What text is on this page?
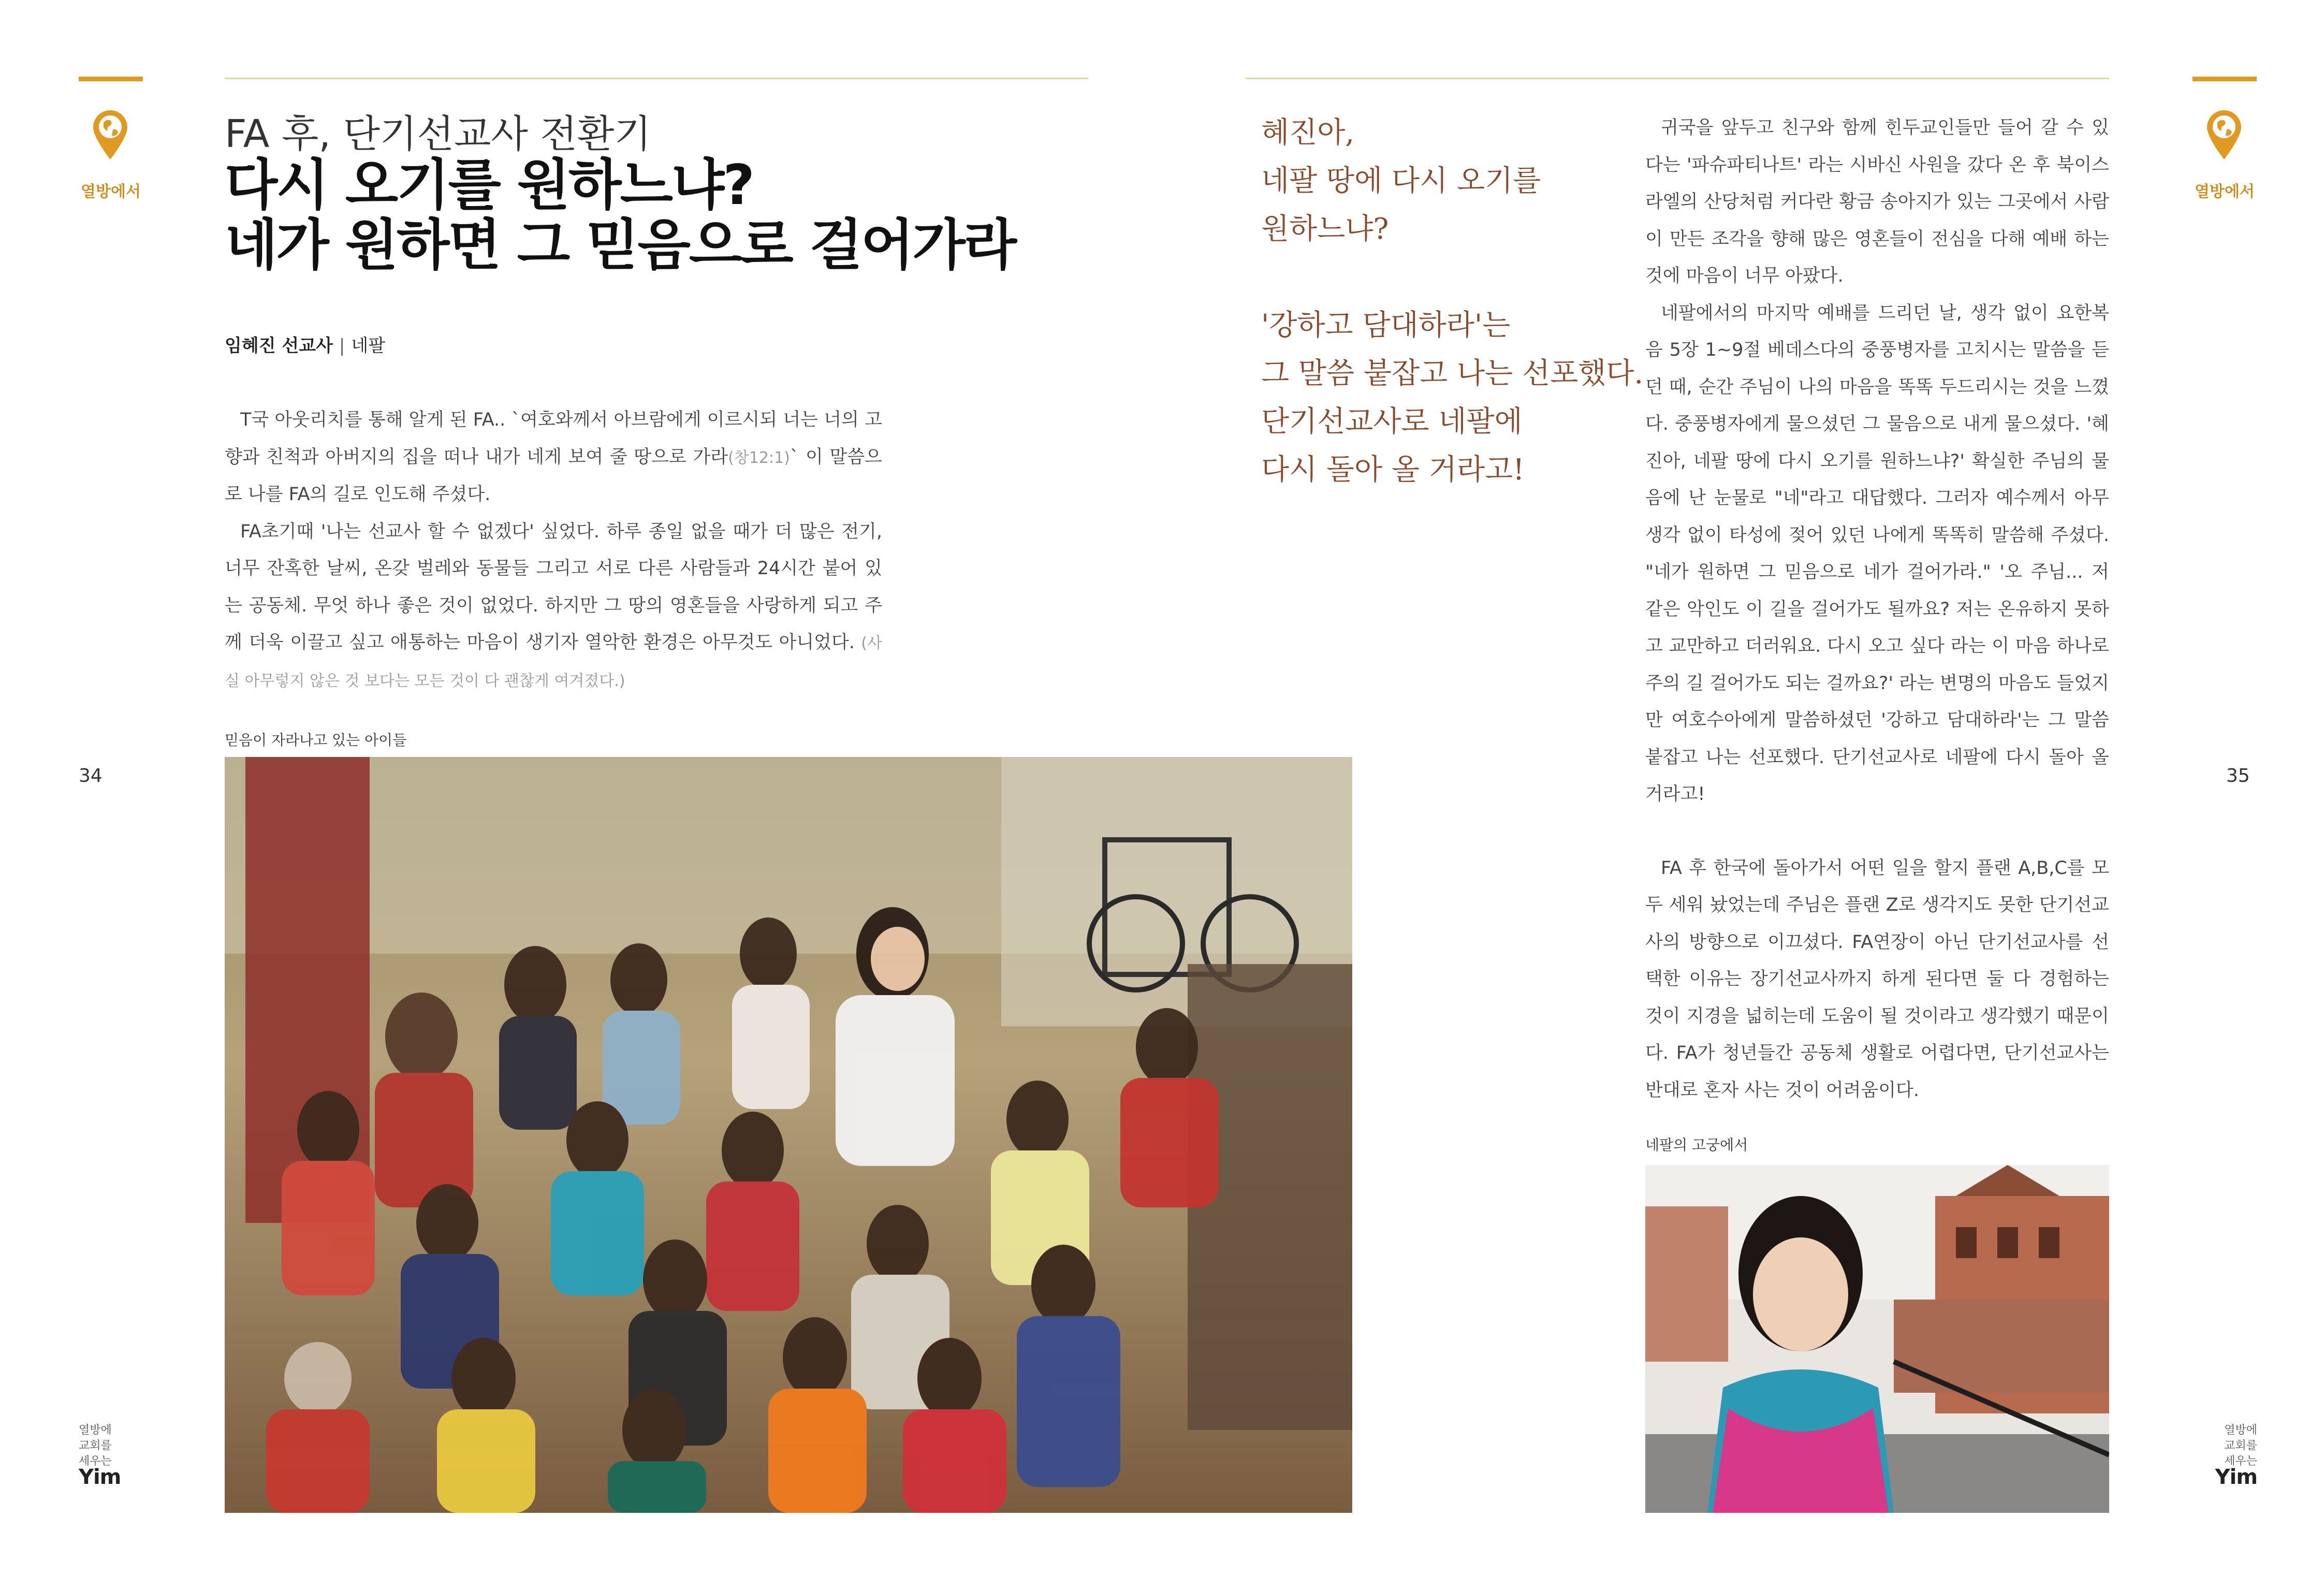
열방에서	열방에서
34	35
열방에
교회를
세우는
Yim
열방에
교회를
세우는
Yim
FA 후, 단기선교사 전환기
다시 오기를 원하느냐?
네가 원하면 그 믿음으로 걸어가라
임혜진 선교사 | 네팔

T국 아웃리치를 통해 알게 된 FA.. `여호와께서 아브람에게 이르시되 너는 너의 고향과 친척과 아버지의 집을 떠나 내가 네게 보여 줄 땅으로 가라(창12:1)` 이 말씀으로 나를 FA의 길로 인도해 주셨다.

FA초기때 '나는 선교사 할 수 없겠다' 싶었다. 하루 종일 없을 때가 더 많은 전기, 너무 잔혹한 날씨, 온갖 벌레와 동물들 그리고 서로 다른 사람들과 24시간 붙어 있는 공동체. 무엇 하나 좋은 것이 없었다. 하지만 그 땅의 영혼들을 사랑하게 되고 주께 더욱 이끌고 싶고 애통하는 마음이 생기자 열악한 환경은 아무것도 아니었다. (사실 아무렇지 않은 것 보다는 모든 것이 다 괜찮게 여겨졌다.)

믿음이 자라나고 있는 아이들
혜진아,
네팔 땅에 다시 오기를
원하느냐?
'강하고 담대하라'는
그 말씀 붙잡고 나는 선포했다.
단기선교사로 네팔에
다시 돌아 올 거라고!

귀국을 앞두고 친구와 함께 힌두교인들만 들어 갈 수 있다는 '파슈파티나트' 라는 시바신 사원을 갔다 온 후 북이스라엘의 산당처럼 커다란 황금 송아지가 있는 그곳에서 사람이 만든 조각을 향해 많은 영혼들이 전심을 다해 예배 하는 것에 마음이 너무 아팠다.

네팔에서의 마지막 예배를 드리던 날, 생각 없이 요한복음 5장 1~9절 베데스다의 중풍병자를 고치시는 말씀을 듣던 때, 순간 주님이 나의 마음을 똑똑 두드리시는 것을 느꼈다. 중풍병자에게 물으셨던 그 물음으로 내게 물으셨다. '혜진아, 네팔 땅에 다시 오기를 원하느냐?' 확실한 주님의 물음에 난 눈물로 "네"라고 대답했다. 그러자 예수께서 아무 생각 없이 타성에 젖어 있던 나에게 똑똑히 말씀해 주셨다. "네가 원하면 그 믿음으로 네가 걸어가라." '오 주님... 저 같은 악인도 이 길을 걸어가도 될까요? 저는 온유하지 못하고 교만하고 더러워요. 다시 오고 싶다 라는 이 마음 하나로 주의 길 걸어가도 되는 걸까요?' 라는 변명의 마음도 들었지만 여호수아에게 말씀하셨던 '강하고 담대하라'는 그 말씀 붙잡고 나는 선포했다. 단기선교사로 네팔에 다시 돌아 올 거라고!

FA 후 한국에 돌아가서 어떤 일을 할지 플랜 A,B,C를 모두 세워 놨었는데 주님은 플랜 Z로 생각지도 못한 단기선교사의 방향으로 이끄셨다. FA연장이 아닌 단기선교사를 선택한 이유는 장기선교사까지 하게 된다면 둘 다 경험하는 것이 지경을 넓히는데 도움이 될 것이라고 생각했기 때문이다. FA가 청년들간 공동체 생활로 어렵다면, 단기선교사는 반대로 혼자 사는 것이 어려움이다.

네팔의 고궁에서
